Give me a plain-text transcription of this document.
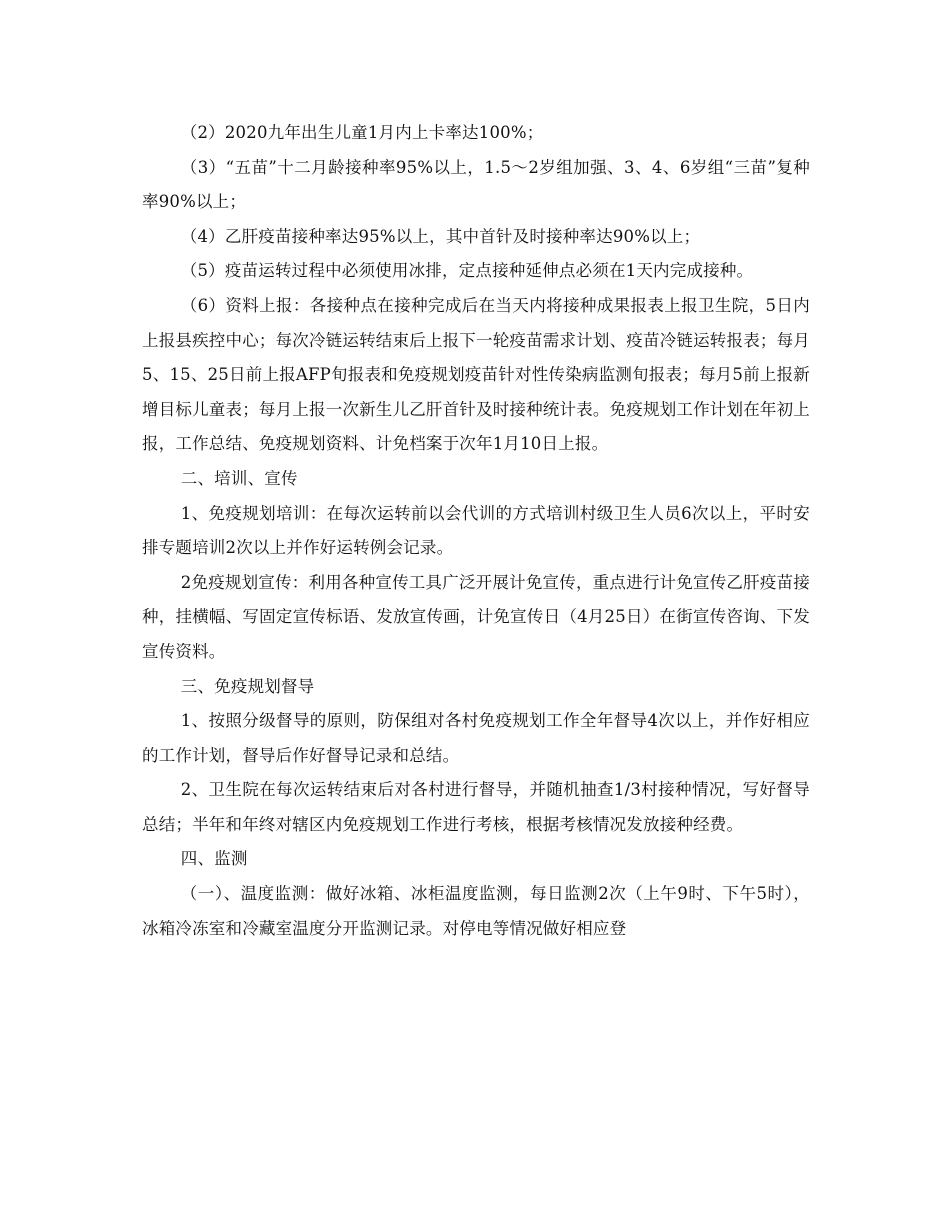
（2）2020九年出生儿童1月内上卡率达100%；

（3）“五苗”十二月龄接种率95%以上，1.5～2岁组加强、3、4、6岁组“三苗”复种率90%以上；

（4）乙肝疫苗接种率达95%以上，其中首针及时接种率达90%以上；

（5）疫苗运转过程中必须使用冰排，定点接种延伸点必须在1天内完成接种。

（6）资料上报：各接种点在接种完成后在当天内将接种成果报表上报卫生院，5日内上报县疾控中心；每次冷链运转结束后上报下一轮疫苗需求计划、疫苗冷链运转报表；每月5、15、25日前上报AFP旬报表和免疫规划疫苗针对性传染病监测旬报表；每月5前上报新增目标儿童表；每月上报一次新生儿乙肝首针及时接种统计表。免疫规划工作计划在年初上报，工作总结、免疫规划资料、计免档案于次年1月10日上报。

二、培训、宣传

1、免疫规划培训：在每次运转前以会代训的方式培训村级卫生人员6次以上，平时安排专题培训2次以上并作好运转例会记录。

2免疫规划宣传：利用各种宣传工具广泛开展计免宣传，重点进行计免宣传乙肝疫苗接种，挂横幅、写固定宣传标语、发放宣传画，计免宣传日（4月25日）在街宣传咨询、下发宣传资料。

三、免疫规划督导

1、按照分级督导的原则，防保组对各村免疫规划工作全年督导4次以上，并作好相应的工作计划，督导后作好督导记录和总结。

2、卫生院在每次运转结束后对各村进行督导，并随机抽查1/3村接种情况，写好督导总结；半年和年终对辖区内免疫规划工作进行考核，根据考核情况发放接种经费。

四、监测

（一）、温度监测：做好冰箱、冰柜温度监测，每日监测2次（上午9时、下午5时），冰箱冷冻室和冷藏室温度分开监测记录。对停电等情况做好相应登
